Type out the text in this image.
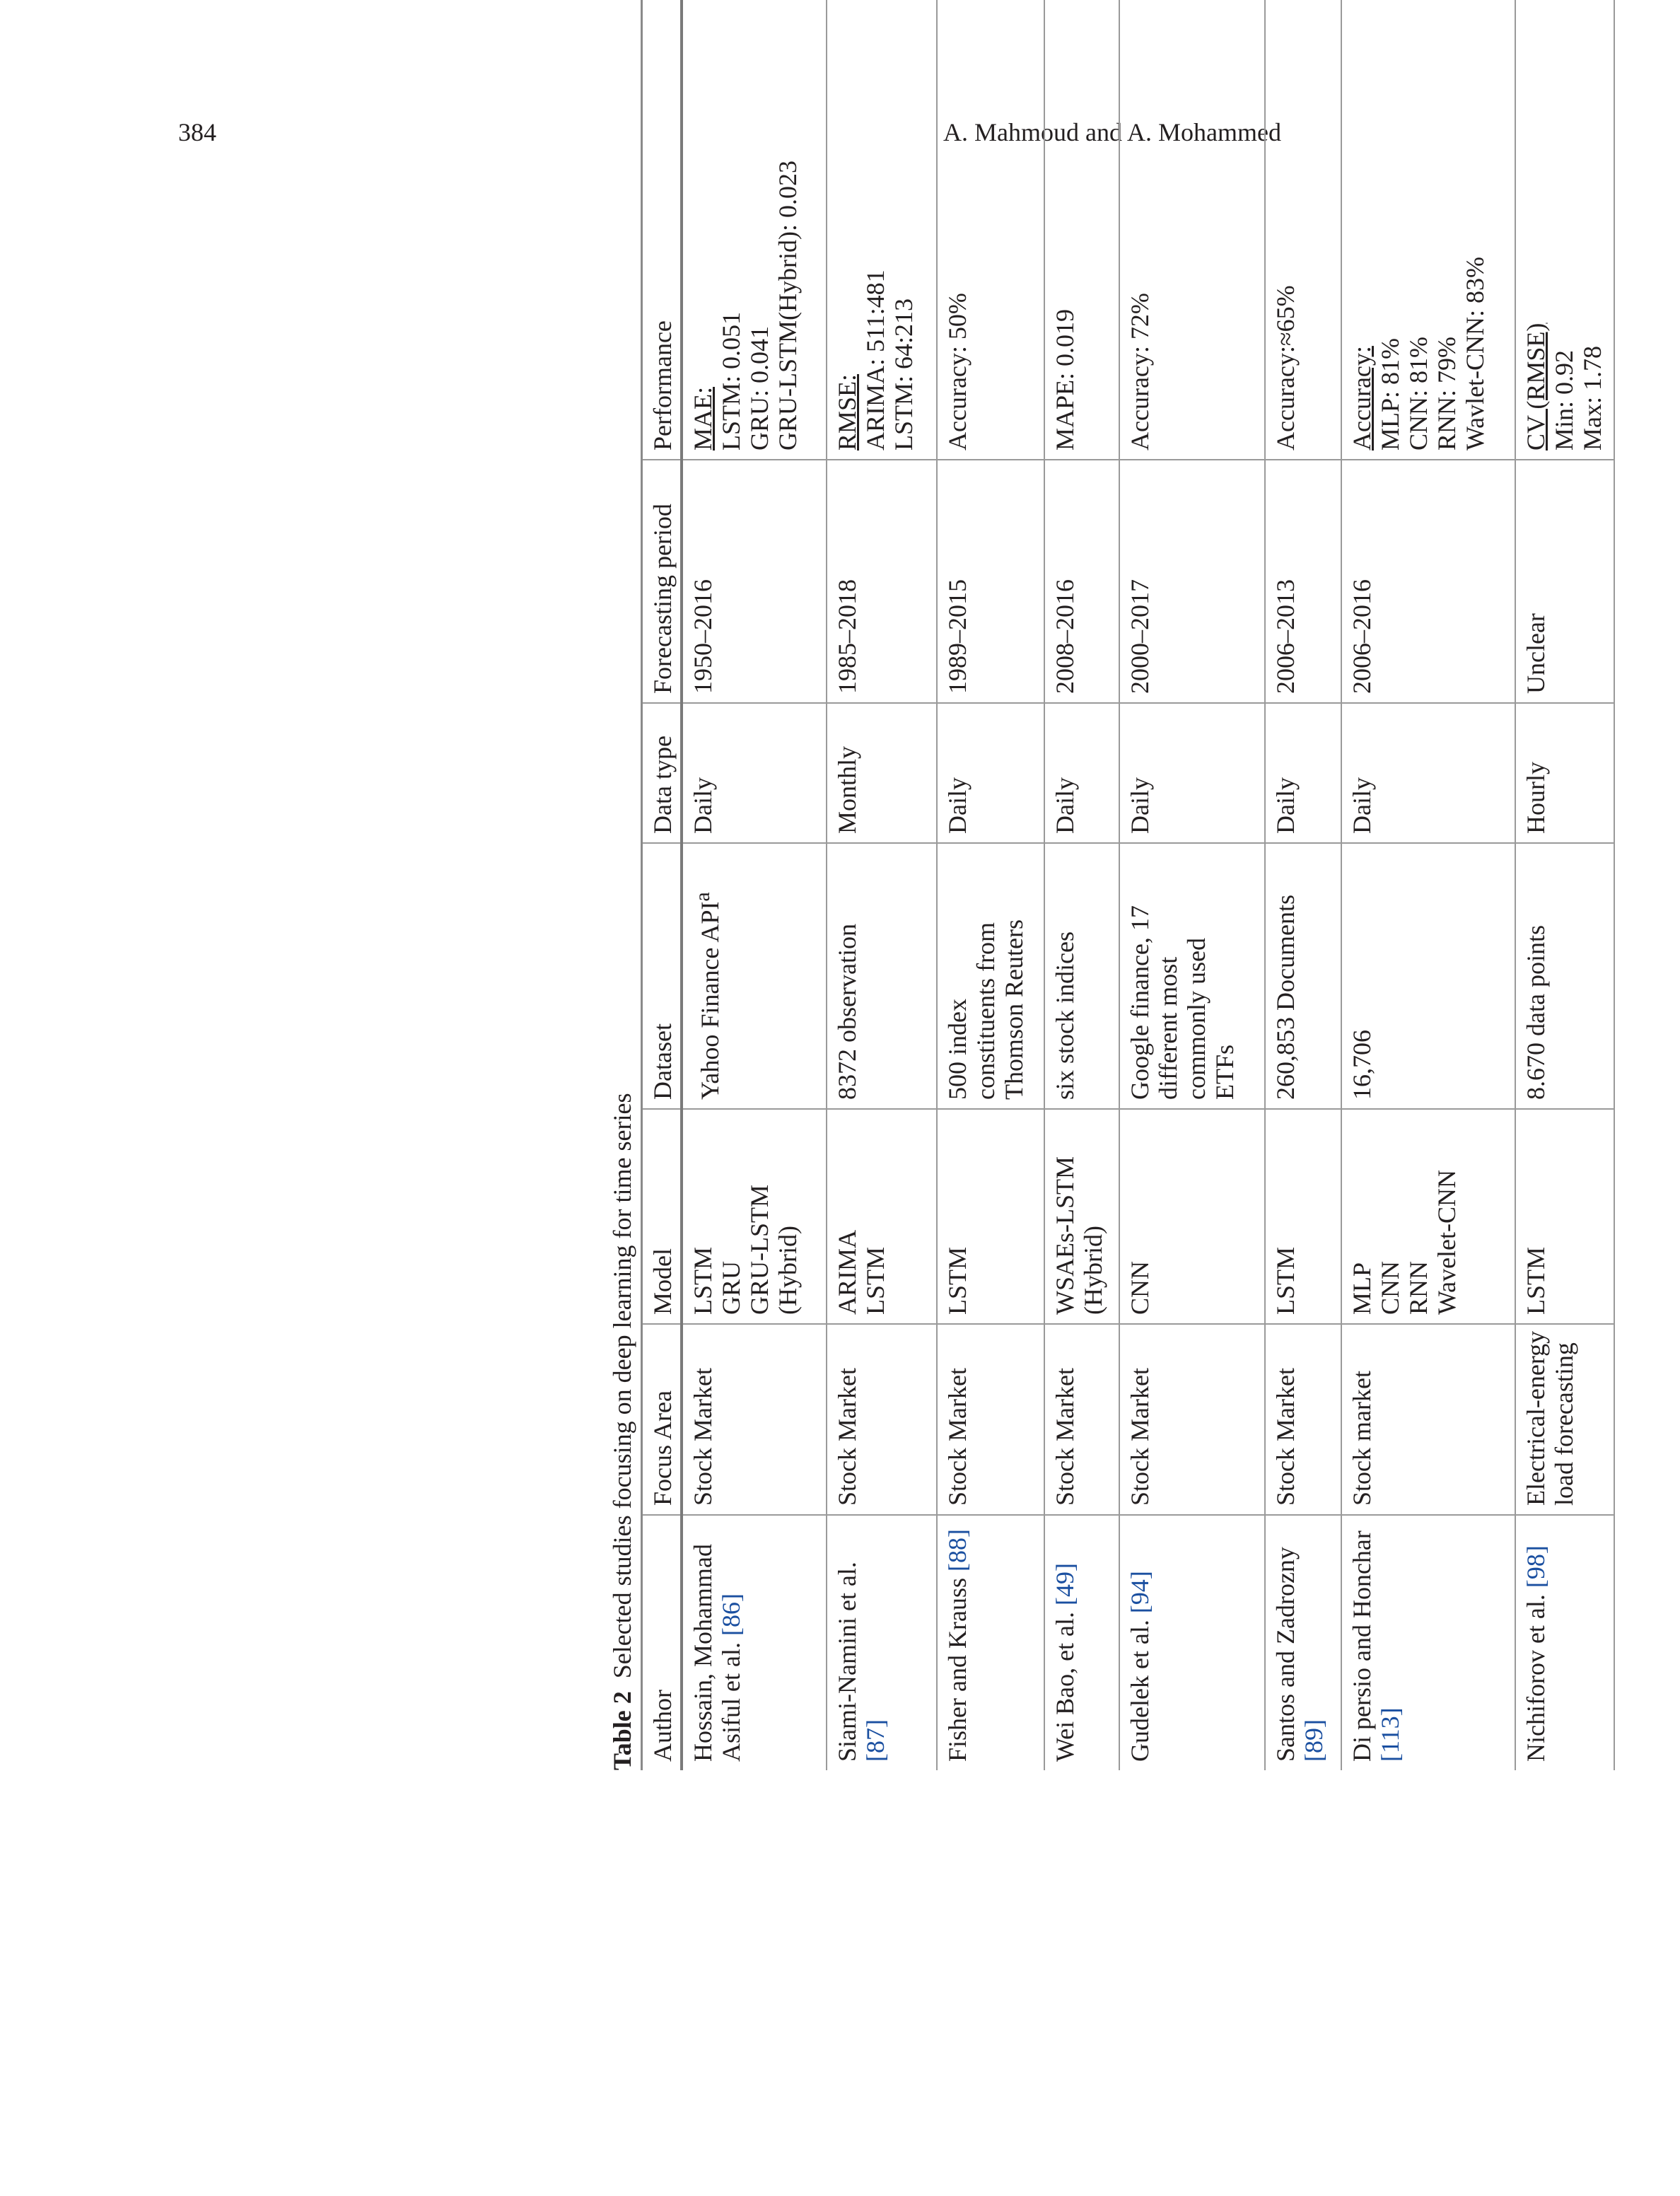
384	A. Mahmoud and A. Mohammed
Table 2Selected studies focusing on deep learning for time series
Author
Focus Area
Model
Dataset
Data type
Forecasting period
Performance
Hossain, Mohammad Asiful et al. [86]
Stock Market
LSTM GRU GRU-LSTM (Hybrid)
Yahoo Finance API$^a$
Daily
1950–2016
MAE: LSTM: 0.051 GRU: 0.041 GRU-LSTM(Hybrid): 0.023
Siami-Namini et al. [87]
Stock Market
ARIMA LSTM
8372 observation
Monthly
1985–2018
RMSE: ARIMA: 511:481 LSTM: 64:213
Fisher and Krauss [88]
Stock Market
LSTM
500 index constituents from Thomson Reuters
Daily
1989–2015
Accuracy: 50%
Wei Bao, et al. [49]
Stock Market
WSAEs-LSTM (Hybrid)
six stock indices
Daily
2008–2016
MAPE: 0.019
Gudelek et al. [94]
Stock Market
CNN
Google finance, 17 different most commonly used ETFs
Daily
2000–2017
Accuracy: 72%
Santos and Zadrozny [89]
Stock Market
LSTM
260,853 Documents
Daily
2006–2013
Accuracy:≈65%
Di persio and Honchar [113]
Stock market
MLP CNN RNN Wavelet-CNN
16,706
Daily
2006–2016
Accuracy: MLP: 81% CNN: 81% RNN: 79% Wavlet-CNN: 83%
Nichiforov et al. [98]
Electrical-energy load forecasting
LSTM
8.670 data points
Hourly
Unclear
CV (RMSE) Min: 0.92 Max: 1.78
